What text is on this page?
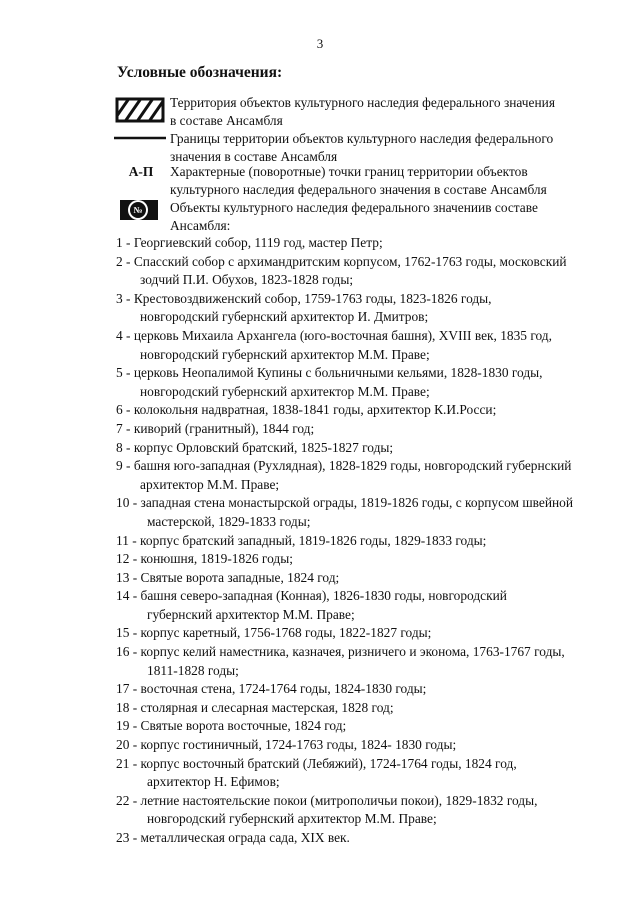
3
Условные обозначения:
Территория объектов культурного наследия федерального значения
в составе Ансамбля
Границы территории объектов культурного наследия федерального
значения в составе Ансамбля
А-П	Характерные (поворотные) точки границ территории объектов
культурного наследия федерального значения в составе Ансамбля
№ Объекты культурного наследия федерального значениив составе
Ансамбля:
1 - Георгиевский собор, 1119 год, мастер Петр;
2 - Спасский собор с архимандритским корпусом, 1762-1763 годы, московский
зодчий П.И. Обухов, 1823-1828 годы;
3 - Крестовоздвиженский собор, 1759-1763 годы, 1823-1826 годы,
новгородский губернский архитектор И. Дмитров;
4 - церковь Михаила Архангела (юго-восточная башня), XVIII век, 1835 год,
новгородский губернский архитектор М.М. Праве;
5 - церковь Неопалимой Купины с больничными кельями, 1828-1830 годы,
новгородский губернский архитектор М.М. Праве;
6 - колокольня надвратная, 1838-1841 годы, архитектор К.И.Росси;
7 - киворий (гранитный), 1844 год;
8 - корпус Орловский братский, 1825-1827 годы;
9 - башня юго-западная (Рухлядная), 1828-1829 годы, новгородский губернский
архитектор М.М. Праве;
10 - западная стена монастырской ограды, 1819-1826 годы, с корпусом швейной
мастерской, 1829-1833 годы;
11 - корпус братский западный, 1819-1826 годы, 1829-1833 годы;
12 - конюшня, 1819-1826 годы;
13 - Святые ворота западные, 1824 год;
14 - башня северо-западная (Конная), 1826-1830 годы, новгородский
губернский архитектор М.М. Праве;
15 - корпус каретный, 1756-1768 годы, 1822-1827 годы;
16 - корпус келий наместника, казначея, ризничего и эконома, 1763-1767 годы,
1811-1828 годы;
17 - восточная стена, 1724-1764 годы, 1824-1830 годы;
18 - столярная и слесарная мастерская, 1828 год;
19 - Святые ворота восточные, 1824 год;
20 - корпус гостиничный, 1724-1763 годы, 1824- 1830 годы;
21 - корпус восточный братский (Лебяжий), 1724-1764 годы, 1824 год,
архитектор Н. Ефимов;
22 - летние настоятельские покои (митрополичьи покои), 1829-1832 годы,
новгородский губернский архитектор М.М. Праве;
23 - металлическая ограда сада, XIX век.
